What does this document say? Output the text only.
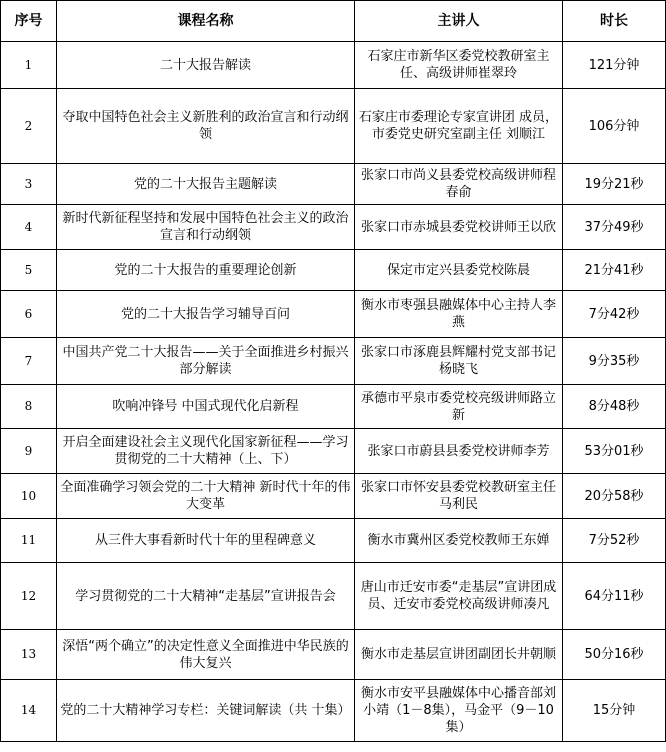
序号	课程名称	主讲人	时长
1	二十大报告解读	石家庄市新华区委党校教研室主任、高级讲师崔翠玲	121分钟
2	夺取中国特色社会主义新胜利的政治宣言和行动纲领	石家庄市委理论专家宣讲团 成员，市委党史研究室副主任 刘顺江	106分钟
3	党的二十大报告主题解读	张家口市尚义县委党校高级讲师程春俞	19分21秒
4	新时代新征程坚持和发展中国特色社会主义的政治宣言和行动纲领	张家口市赤城县委党校讲师王以欣	37分49秒
5	党的二十大报告的重要理论创新	保定市定兴县委党校陈晨	21分41秒
6	党的二十大报告学习辅导百问	衡水市枣强县融媒体中心主持人李燕	7分42秒
7	中国共产党二十大报告——关于全面推进乡村振兴部分解读	张家口市涿鹿县辉耀村党支部书记杨晓飞	9分35秒
8	吹响冲锋号 中国式现代化启新程	承德市平泉市委党校亮级讲师路立新	8分48秒
9	开启全面建设社会主义现代化国家新征程——学习贯彻党的二十大精神（上、下）	张家口市蔚县县委党校讲师李芳	53分01秒
10	全面准确学习领会党的二十大精神 新时代十年的伟大变革	张家口市怀安县委党校教研室主任马利民	20分58秒
11	从三件大事看新时代十年的里程碑意义	衡水市冀州区委党校教师王东婵	7分52秒
12	学习贯彻党的二十大精神“走基层”宣讲报告会	唐山市迁安市委“走基层”宣讲团成员、迁安市委党校高级讲师凑凡	64分11秒
13	深悟“两个确立”的决定性意义全面推进中华民族的伟大复兴	衡水市走基层宣讲团副团长井朝顺	50分16秒
14	党的二十大精神学习专栏：关键词解读（共 十集）	衡水市安平县融媒体中心播音部刘小靖（1－8集），马金平（9－10集）	15分钟
